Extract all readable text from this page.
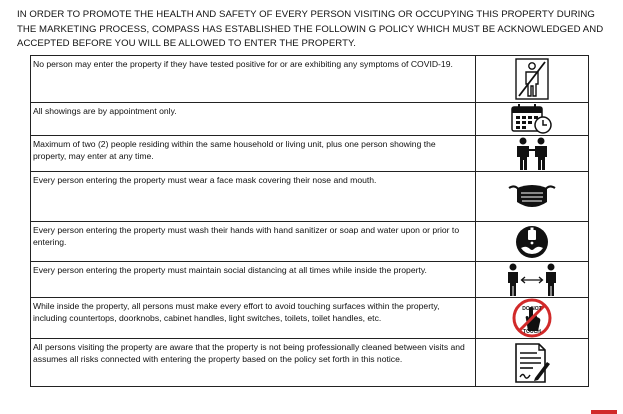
IN ORDER TO PROMOTE THE HEALTH AND SAFETY OF EVERY PERSON VISITING OR OCCUPYING THIS PROPERTY DURING THE MARKETING PROCESS, COMPASS HAS ESTABLISHED THE FOLLOWIN G POLICY WHICH MUST BE ACKNOWLEDGED AND ACCEPTED BEFORE YOU WILL BE ALLOWED TO ENTER THE PROPERTY.

No person may enter the property if they have tested positive for or are exhibiting any symptoms of COVID-19.	

All showings are by appointment only.	

Maximum of two (2) people residing within the same household or living unit, plus one person showing the property, may enter at any time.	

Every person entering the property must wear a face mask covering their nose and mouth.	

Every person entering the property must wash their hands with hand sanitizer or soap and water upon or prior to entering.	

Every person entering the property must maintain social distancing at all times while inside the property.	

While inside the property, all persons must make every effort to avoid touching surfaces within the property, including countertops, doorknobs, cabinet handles, light switches, toilets, toilet handles, etc.	DO NOT
TOUCH

All persons visiting the property are aware that the property is not being professionally cleaned between visits and assumes all risks connected with entering the property based on the policy set forth in this notice.	
